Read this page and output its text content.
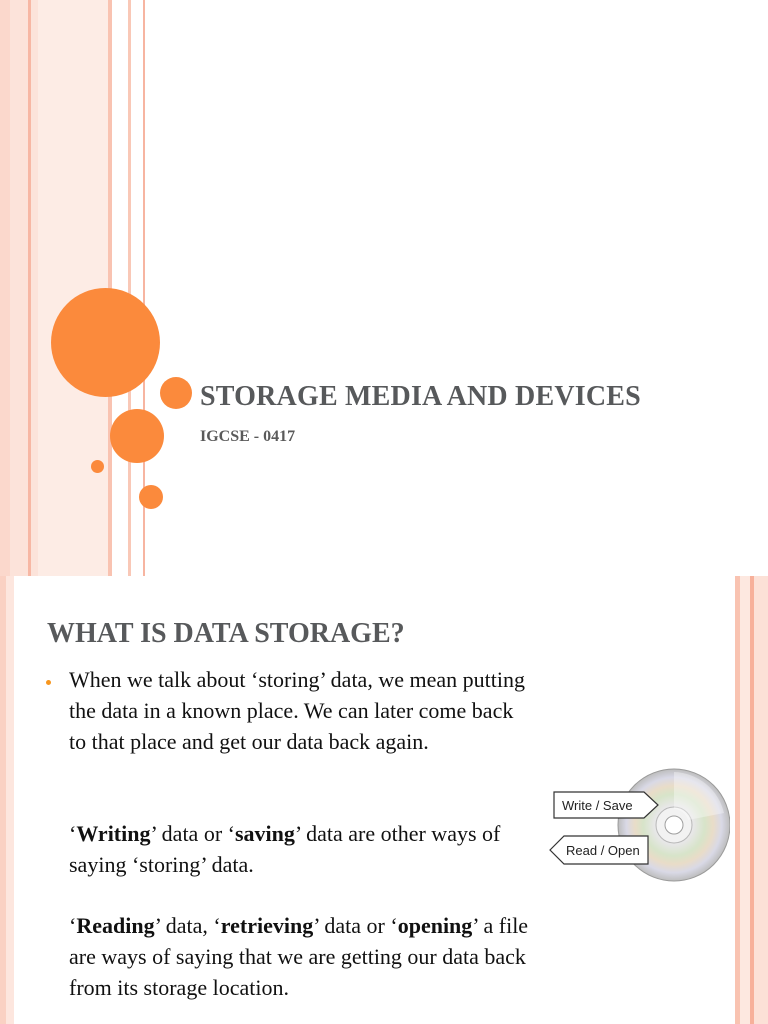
STORAGE MEDIA AND DEVICES
IGCSE - 0417
WHAT IS DATA STORAGE?

When we talk about ‘storing’ data, we mean putting the data in a known place. We can later come back to that place and get our data back again.

‘Writing’ data or ‘saving’ data are other ways of saying ‘storing’ data.

‘Reading’ data, ‘retrieving’ data or ‘opening’ a file are ways of saying that we are getting our data back from its storage location.

Write / Save
Read / Open
